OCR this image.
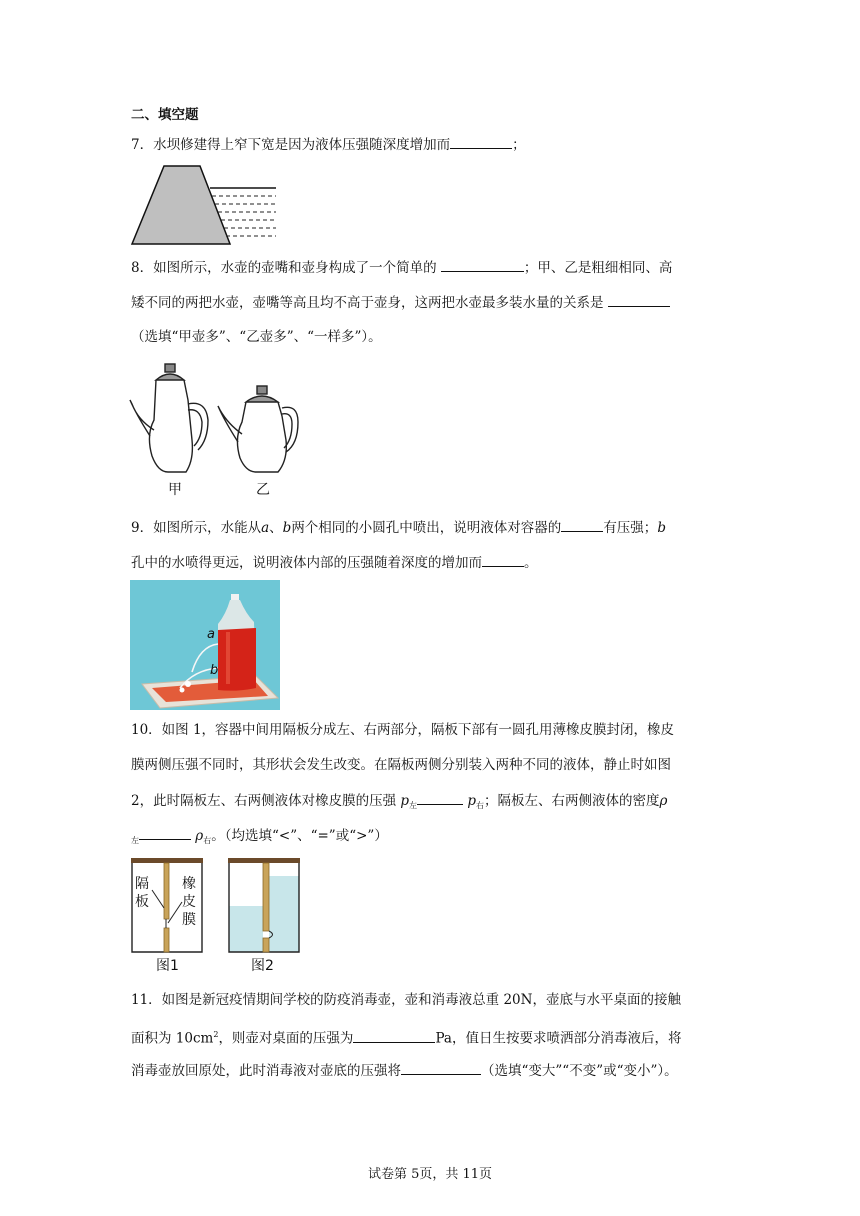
二、填空题
7．水坝修建得上窄下宽是因为液体压强随深度增加而	；
8．如图所示，水壶的壶嘴和壶身构成了一个简单的	；甲、乙是粗细相同、高
矮不同的两把水壶，壶嘴等高且均不高于壶身，这两把水壶最多装水量的关系是
（选填“甲壶多”、“乙壶多”、“一样多”）。
甲	乙
9．如图所示，水能从a、b两个相同的小圆孔中喷出，说明液体对容器的	有压强；b
孔中的水喷得更远，说明液体内部的压强随着深度的增加而	。
a
b
10．如图 1，容器中间用隔板分成左、右两部分，隔板下部有一圆孔用薄橡皮膜封闭，橡皮
膜两侧压强不同时，其形状会发生改变。在隔板两侧分别装入两种不同的液体，静止时如图
2，此时隔板左、右两侧液体对橡皮膜的压强 $p_左$	$p_右$；隔板左、右两侧液体的密度ρ
$_左$	$\rho_右$。（均选填“<”、“=”或“>”）
隔
板
橡
皮
膜
图1	图2
11．如图是新冠疫情期间学校的防疫消毒壶，壶和消毒液总重 20N，壶底与水平桌面的接触
面积为 $10cm^2$，则壶对桌面的压强为	Pa，值日生按要求喷洒部分消毒液后，将
消毒壶放回原处，此时消毒液对壶底的压强将	（选填“变大”“不变”或“变小”）。
试卷第 5页，共 11页
